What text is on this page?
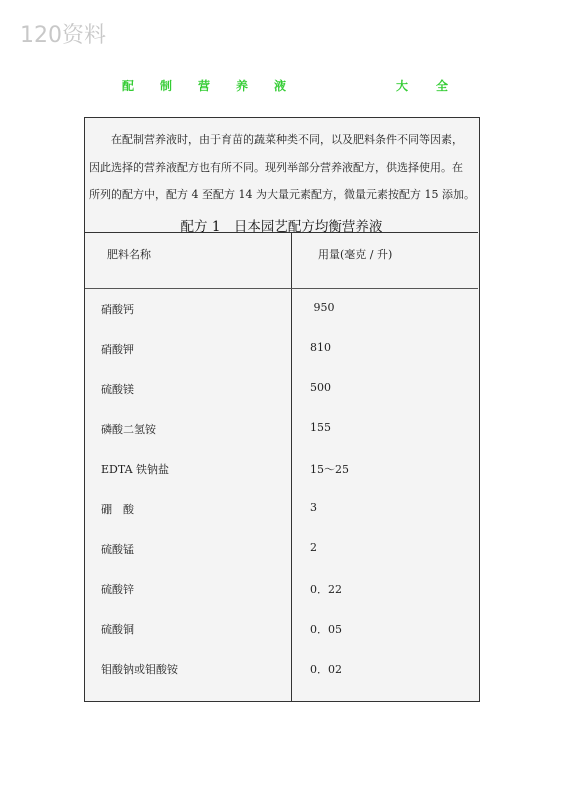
120资料
配制营养液	大全
在配制营养液时，由于育苗的蔬菜种类不同，以及肥料条件不同等因素，
因此选择的营养液配方也有所不同。现列举部分营养液配方，供选择使用。在
所列的配方中，配方 4 至配方 14 为大量元素配方，微量元素按配方 15 添加。
配方 1　日本园艺配方均衡营养液
肥料名称	用量(毫克 / 升)
硝酸钙	950
硝酸钾	810
硫酸镁	500
磷酸二氢铵	155
EDTA 铁钠盐	15～25
硼　酸	3
硫酸锰	2
硫酸锌	0．22
硫酸铜	0．05
钼酸钠或钼酸铵	0．02
